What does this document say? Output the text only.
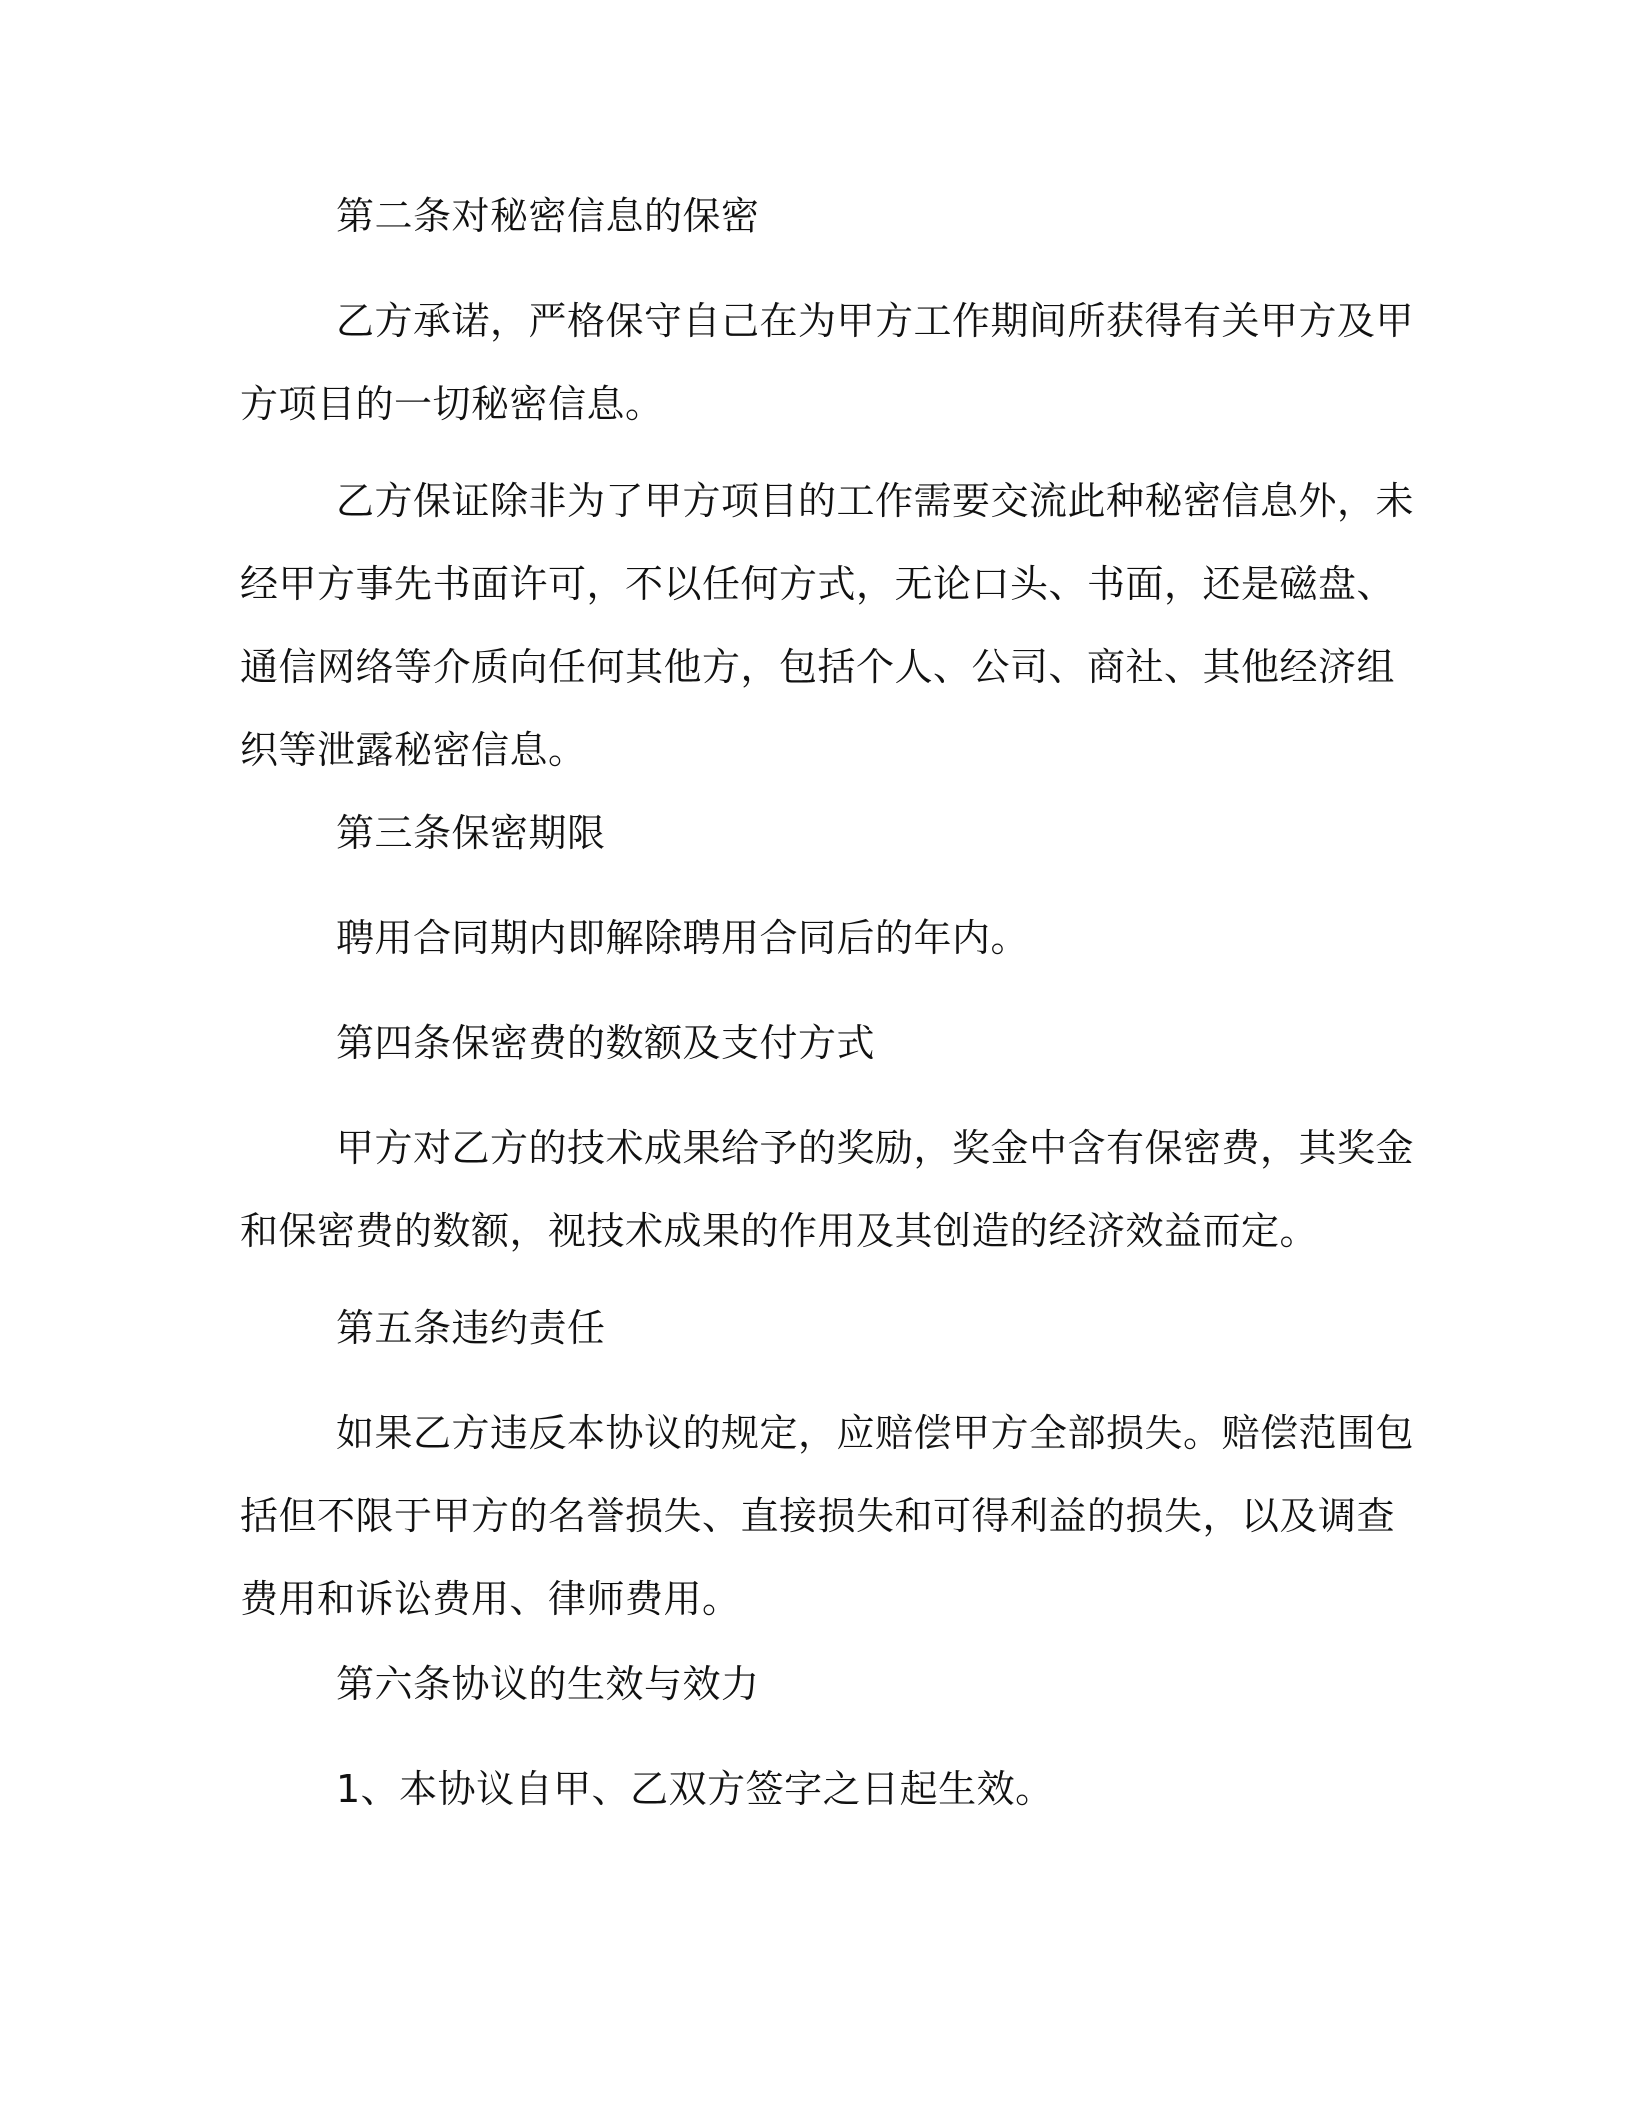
第二条对秘密信息的保密

乙方承诺，严格保守自己在为甲方工作期间所获得有关甲方及甲
方项目的一切秘密信息。

乙方保证除非为了甲方项目的工作需要交流此种秘密信息外，未
经甲方事先书面许可，不以任何方式，无论口头、书面，还是磁盘、
通信网络等介质向任何其他方，包括个人、公司、商社、其他经济组
织等泄露秘密信息。

第三条保密期限

聘用合同期内即解除聘用合同后的年内。

第四条保密费的数额及支付方式

甲方对乙方的技术成果给予的奖励，奖金中含有保密费，其奖金
和保密费的数额，视技术成果的作用及其创造的经济效益而定。

第五条违约责任

如果乙方违反本协议的规定，应赔偿甲方全部损失。赔偿范围包
括但不限于甲方的名誉损失、直接损失和可得利益的损失，以及调查
费用和诉讼费用、律师费用。

第六条协议的生效与效力

1、本协议自甲、乙双方签字之日起生效。
